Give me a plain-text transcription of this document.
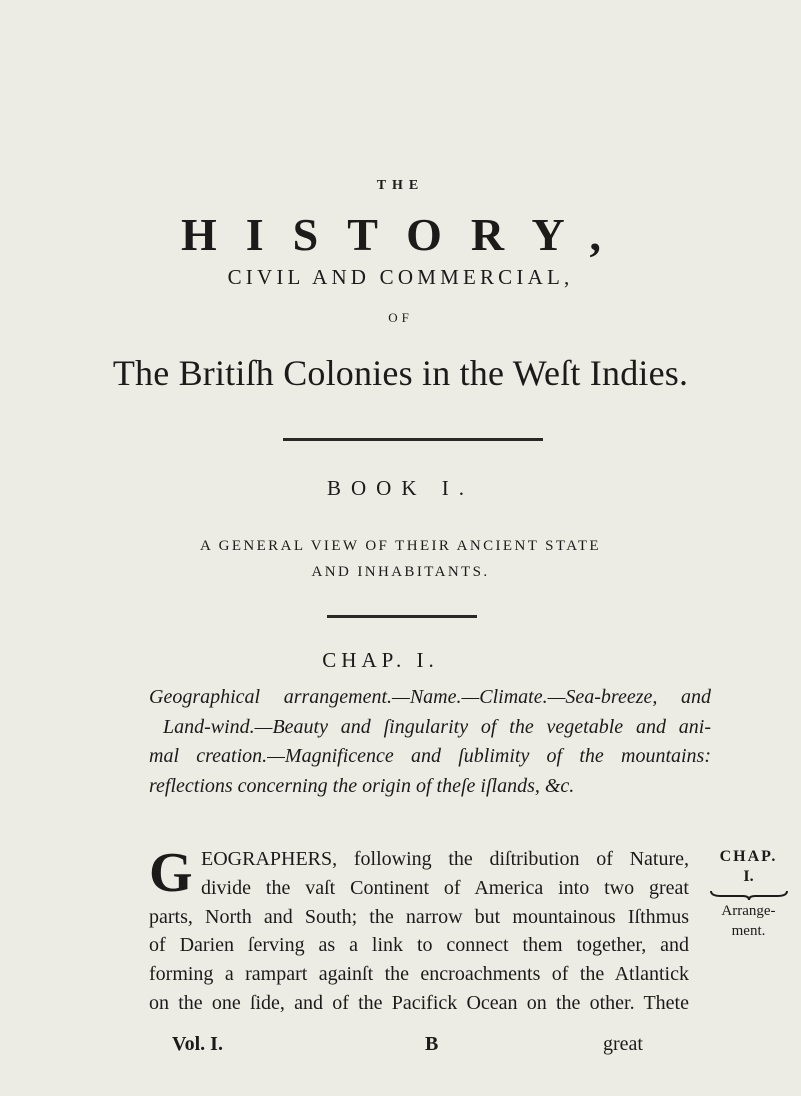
THE
HISTORY,
CIVIL AND COMMERCIAL,
OF
The Britiſh Colonies in the Weſt Indies.
BOOK I.
A GENERAL VIEW OF THEIR ANCIENT STATE
AND INHABITANTS.
CHAP. I.
Geographical arrangement.—Name.—Climate.—Sea-breeze, and
Land-wind.—Beauty and ſingularity of the vegetable and ani-
mal creation.—Magnificence and ſublimity of the mountains:
reflections concerning the origin of theſe iſlands, &c.
G EOGRAPHERS, following the diſtribution of Nature,
divide the vaſt Continent of America into two great
parts, North and South; the narrow but mountainous Iſthmus
of Darien ſerving as a link to connect them together, and
forming a rampart againſt the encroachments of the Atlantick
on the one ſide, and of the Pacifick Ocean on the other. Thete
CHAP.
I.
Arrange-
ment.
Vol. I.	B	great
